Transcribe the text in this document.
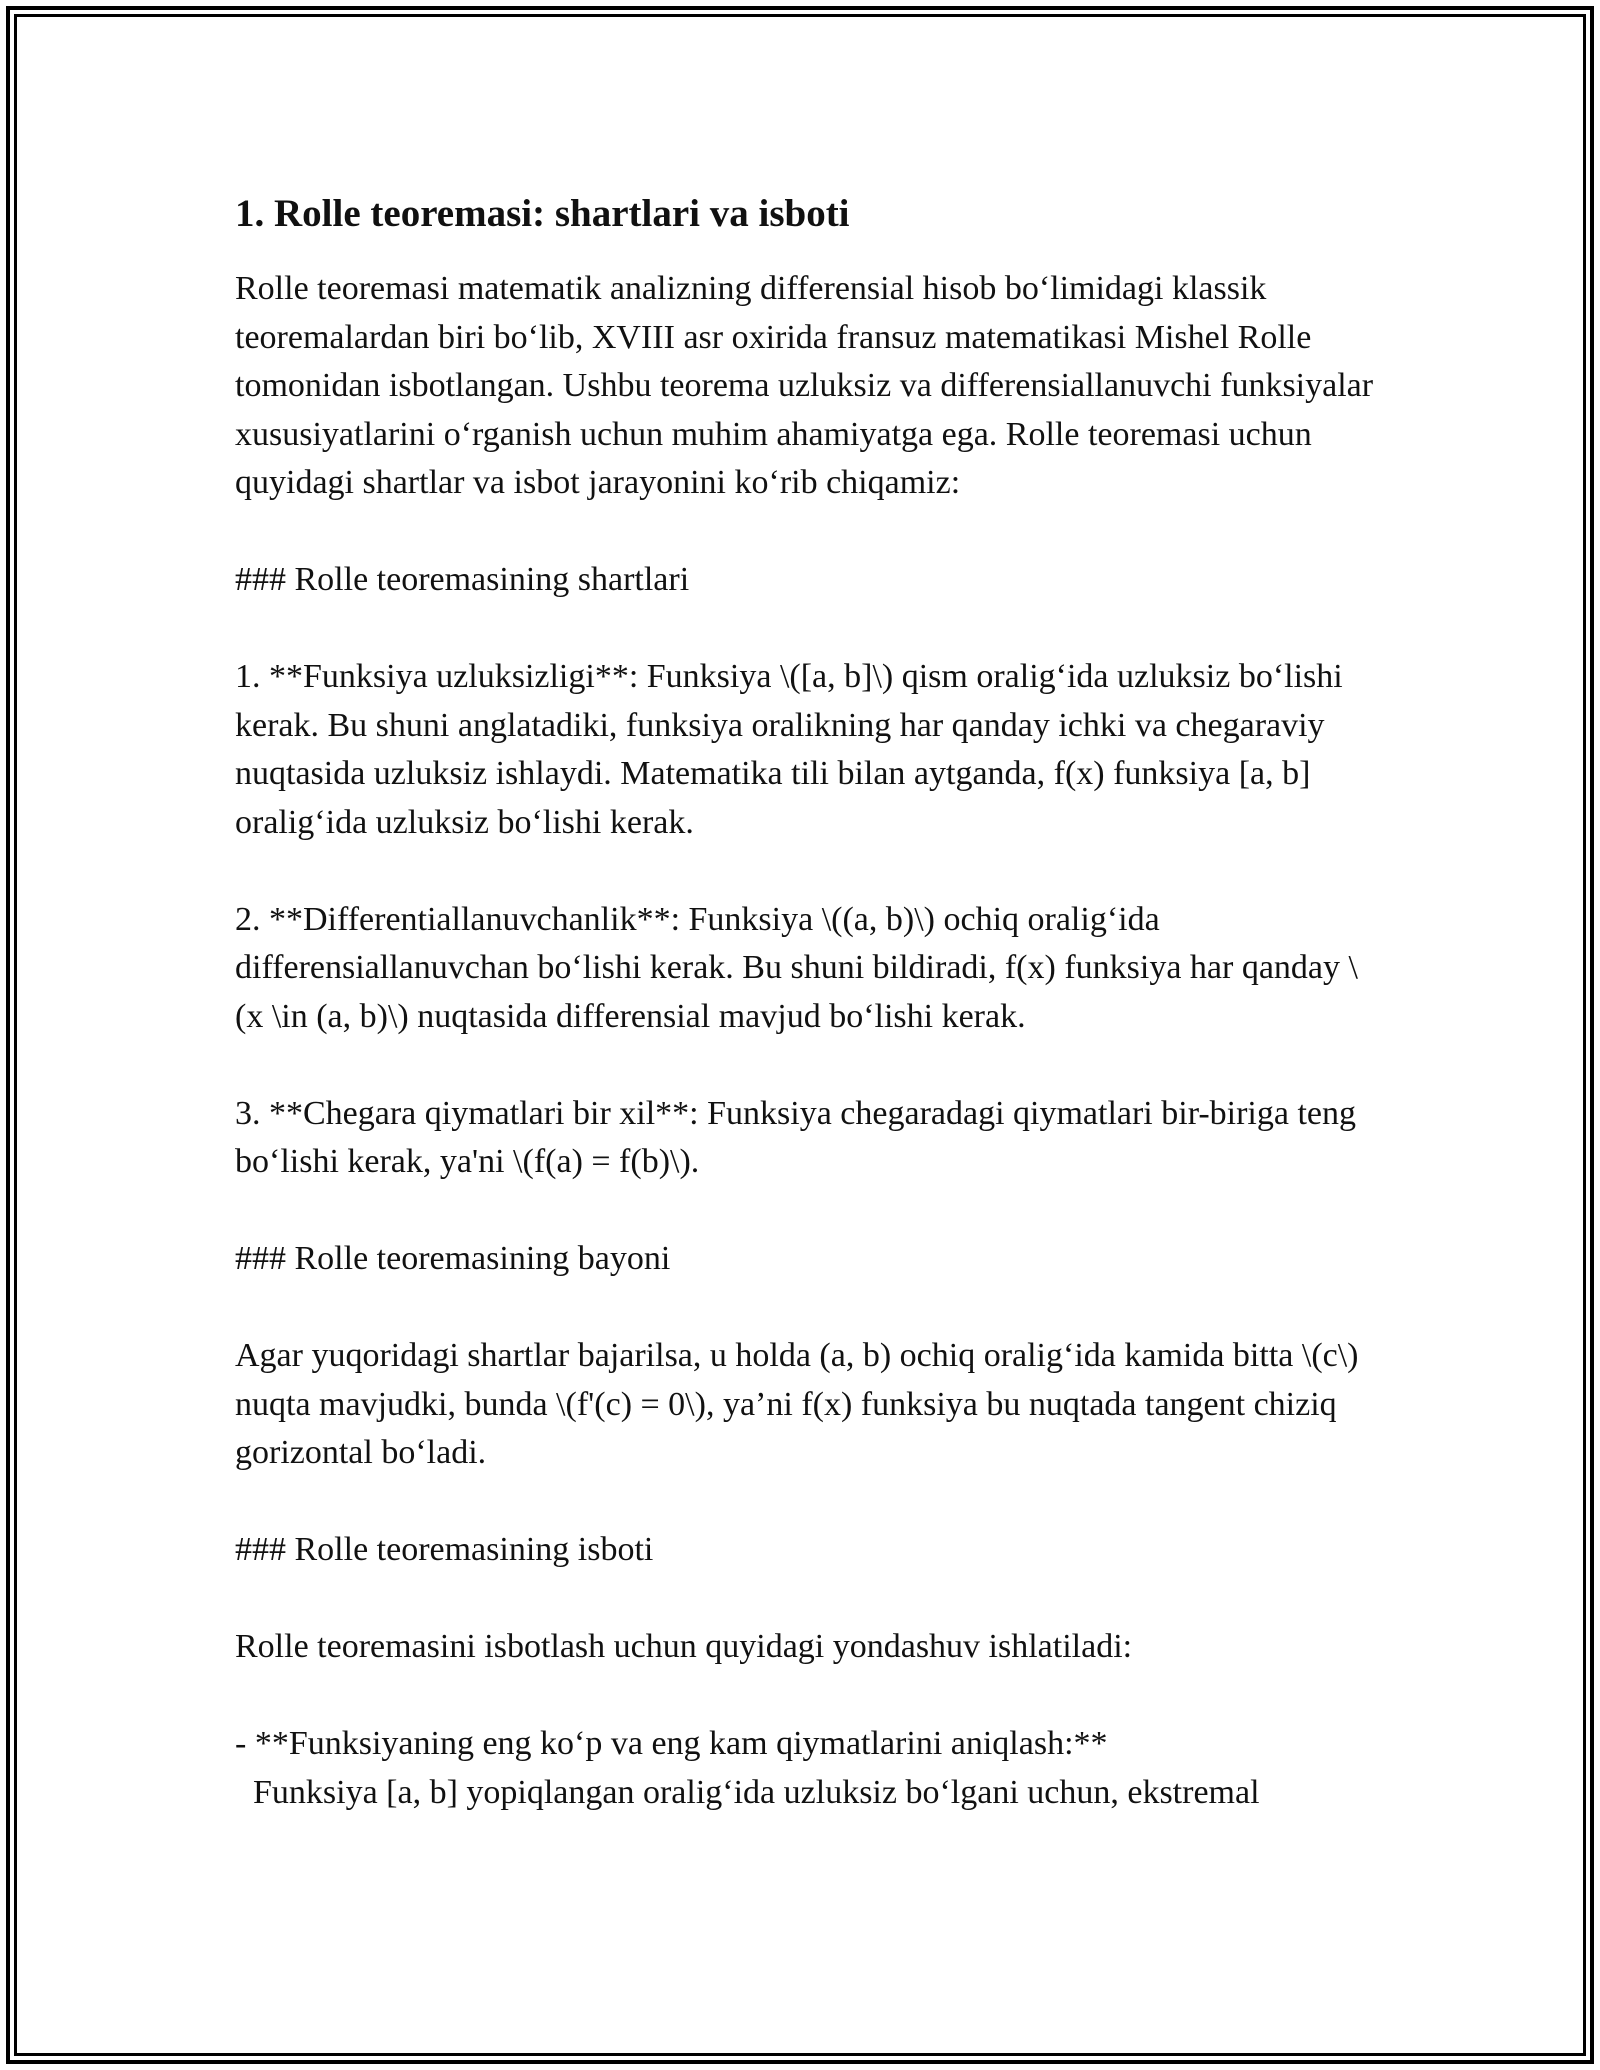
1. Rolle teoremasi: shartlari va isboti

Rolle teoremasi matematik analizning differensial hisob bo‘limidagi klassik teoremalardan biri bo‘lib, XVIII asr oxirida fransuz matematikasi Mishel Rolle tomonidan isbotlangan. Ushbu teorema uzluksiz va differensiallanuvchi funksiyalar xususiyatlarini o‘rganish uchun muhim ahamiyatga ega. Rolle teoremasi uchun quyidagi shartlar va isbot jarayonini ko‘rib chiqamiz:

### Rolle teoremasining shartlari

1. **Funksiya uzluksizligi**: Funksiya \([a, b]\) qism oralig‘ida uzluksiz bo‘lishi kerak. Bu shuni anglatadiki, funksiya oralikning har qanday ichki va chegaraviy nuqtasida uzluksiz ishlaydi. Matematika tili bilan aytganda, f(x) funksiya [a, b] oralig‘ida uzluksiz bo‘lishi kerak.

2. **Differentiallanuvchanlik**: Funksiya \((a, b)\) ochiq oralig‘ida differensiallanuvchan bo‘lishi kerak. Bu shuni bildiradi, f(x) funksiya har qanday \(x \in (a, b)\) nuqtasida differensial mavjud bo‘lishi kerak.

3. **Chegara qiymatlari bir xil**: Funksiya chegaradagi qiymatlari bir-biriga teng bo‘lishi kerak, ya'ni \(f(a) = f(b)\).

### Rolle teoremasining bayoni

Agar yuqoridagi shartlar bajarilsa, u holda (a, b) ochiq oralig‘ida kamida bitta \(c\) nuqta mavjudki, bunda \(f'(c) = 0\), ya’ni f(x) funksiya bu nuqtada tangent chiziq gorizontal bo‘ladi.

### Rolle teoremasining isboti

Rolle teoremasini isbotlash uchun quyidagi yondashuv ishlatiladi:

- **Funksiyaning eng ko‘p va eng kam qiymatlarini aniqlash:**

Funksiya [a, b] yopiqlangan oralig‘ida uzluksiz bo‘lgani uchun, ekstremal
